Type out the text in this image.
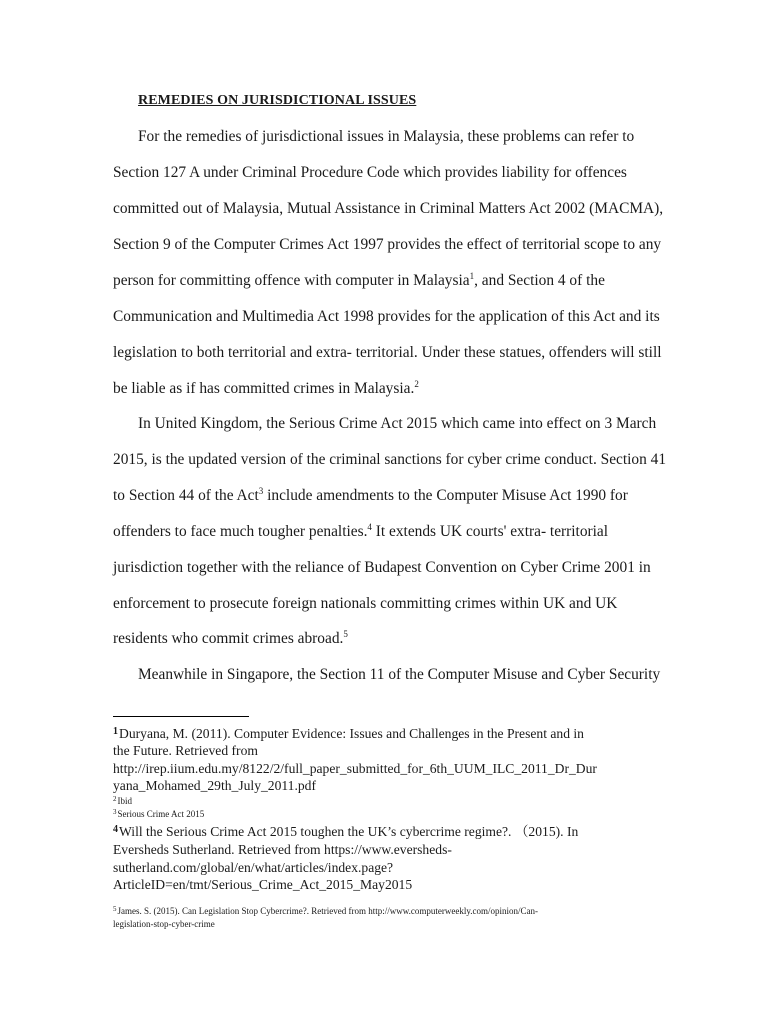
REMEDIES ON JURISDICTIONAL ISSUES
For the remedies of jurisdictional issues in Malaysia, these problems can refer to
Section 127 A under Criminal Procedure Code which provides liability for offences
committed out of Malaysia, Mutual Assistance in Criminal Matters Act 2002 (MACMA),
Section 9 of the Computer Crimes Act 1997 provides the effect of territorial scope to any
person for committing offence with computer in Malaysia$^1$, and Section 4 of the
Communication and Multimedia Act 1998 provides for the application of this Act and its
legislation to both territorial and extra- territorial. Under these statues, offenders will still
be liable as if has committed crimes in Malaysia.$^2$
In United Kingdom, the Serious Crime Act 2015 which came into effect on 3 March
2015, is the updated version of the criminal sanctions for cyber crime conduct. Section 41
to Section 44 of the Act$^3$ include amendments to the Computer Misuse Act 1990 for
offenders to face much tougher penalties.$^4$ It extends UK courts' extra- territorial
jurisdiction together with the reliance of Budapest Convention on Cyber Crime 2001 in
enforcement to prosecute foreign nationals committing crimes within UK and UK
residents who commit crimes abroad.$^5$
Meanwhile in Singapore, the Section 11 of the Computer Misuse and Cyber Security
$^1$Duryana, M. (2011). Computer Evidence: Issues and Challenges in the Present and in
the Future. Retrieved from
http://irep.iium.edu.my/8122/2/full_paper_submitted_for_6th_UUM_ILC_2011_Dr_Dur
yana_Mohamed_29th_July_2011.pdf
$^2$Ibid
$^3$Serious Crime Act 2015
$^4$Will the Serious Crime Act 2015 toughen the UK’s cybercrime regime?. （2015). In
Eversheds Sutherland. Retrieved from https://www.eversheds-
sutherland.com/global/en/what/articles/index.page?
ArticleID=en/tmt/Serious_Crime_Act_2015_May2015
$^5$James. S. (2015). Can Legislation Stop Cybercrime?. Retrieved from http://www.computerweekly.com/opinion/Can-
legislation-stop-cyber-crime
